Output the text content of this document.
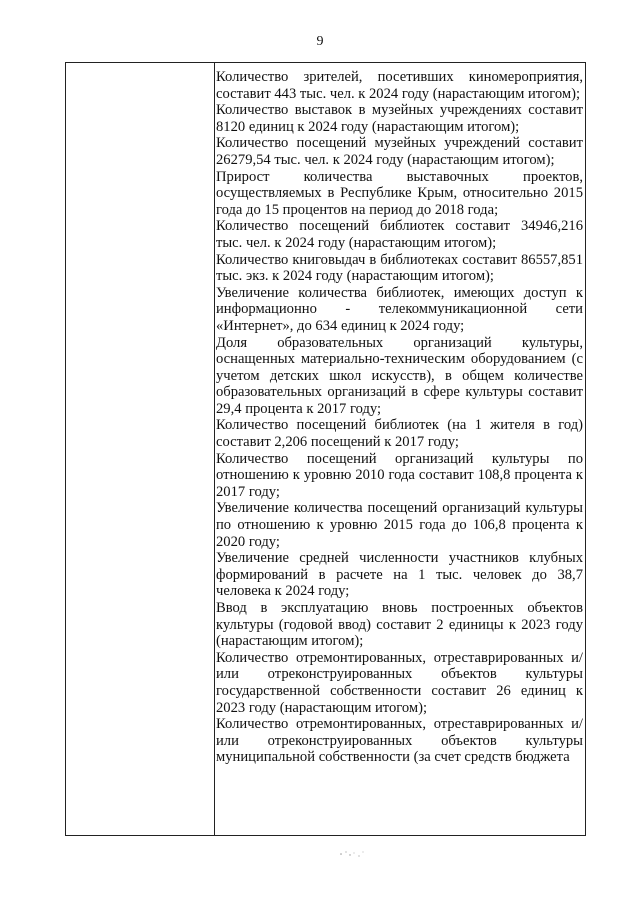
9

Количество зрителей, посетивших киномероприятия, составит 443 тыс. чел. к 2024 году (нарастающим итогом);

Количество выставок в музейных учреждениях составит 8120 единиц к 2024 году (нарастающим итогом);

Количество посещений музейных учреждений составит 26279,54 тыс. чел. к 2024 году (нарастающим итогом);

Прирост количества выставочных проектов, осуществляемых в Республике Крым, относительно 2015 года до 15 процентов на период до 2018 года;

Количество посещений библиотек составит 34946,216 тыс. чел. к 2024 году (нарастающим итогом);

Количество книговыдач в библиотеках составит 86557,851 тыс. экз. к 2024 году (нарастающим итогом);

Увеличение количества библиотек, имеющих доступ к информационно - телекоммуникационной сети «Интернет», до 634 единиц к 2024 году;

Доля образовательных организаций культуры, оснащенных материально-техническим оборудованием (с учетом детских школ искусств), в общем количестве образовательных организаций в сфере культуры составит 29,4 процента к 2017 году;

Количество посещений библиотек (на 1 жителя в год) составит 2,206 посещений к 2017 году;

Количество посещений организаций культуры по отношению к уровню 2010 года составит 108,8 процента к 2017 году;

Увеличение количества посещений организаций культуры по отношению к уровню 2015 года до 106,8 процента к 2020 году;

Увеличение средней численности участников клубных формирований в расчете на 1 тыс. человек до 38,7 человека к 2024 году;

Ввод в эксплуатацию вновь построенных объектов культуры (годовой ввод) составит 2 единицы к 2023 году (нарастающим итогом);

Количество отремонтированных, отреставрированных и/или отреконструированных объектов культуры государственной собственности составит 26 единиц к 2023 году (нарастающим итогом);

Количество отремонтированных, отреставрированных и/или отреконструированных объектов культуры муниципальной собственности (за счет средств бюджета
